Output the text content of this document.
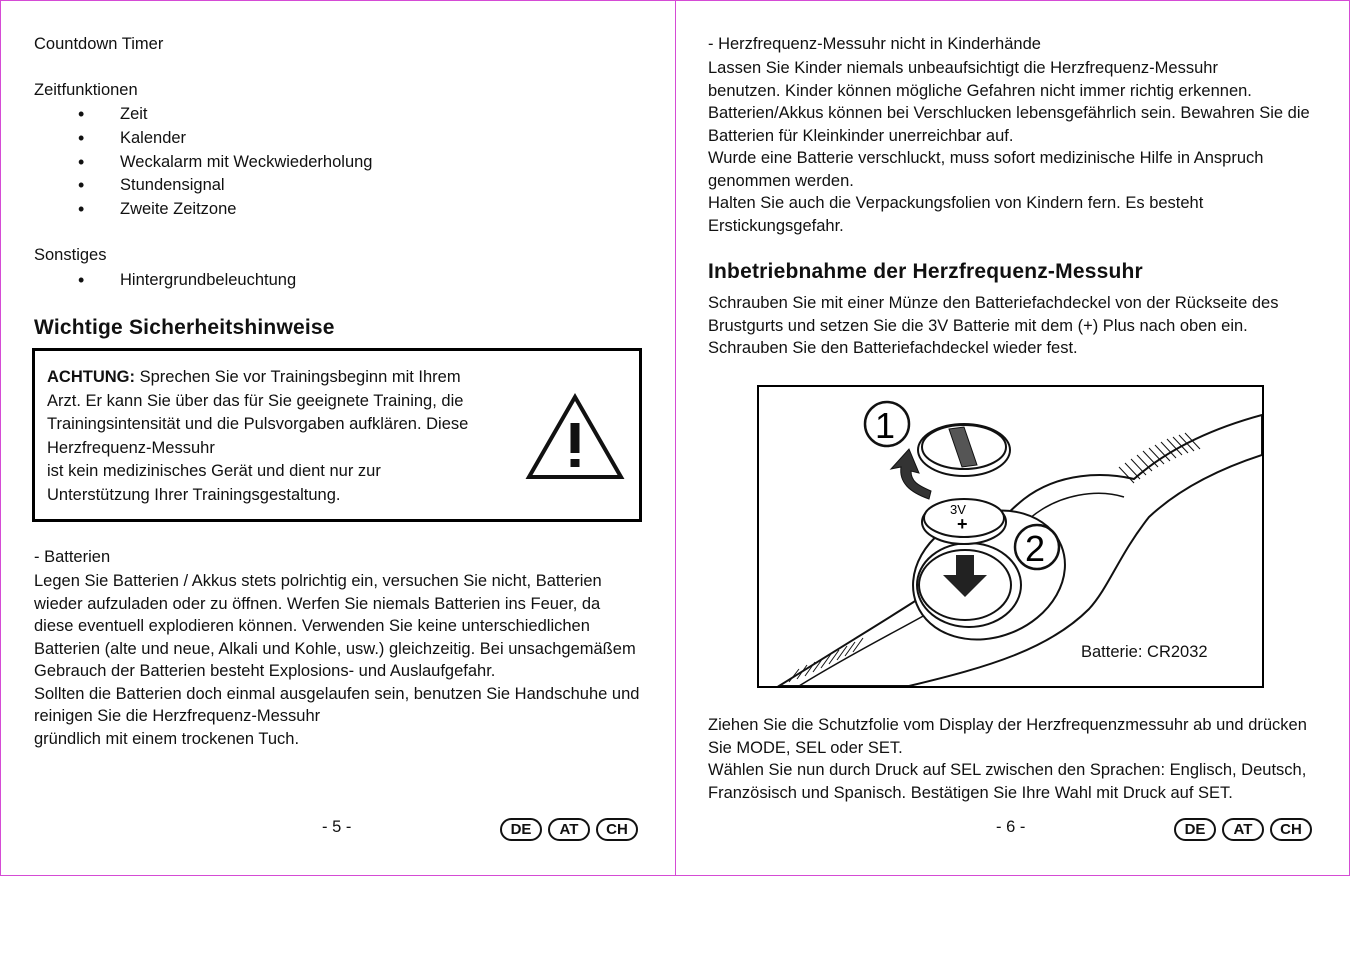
Countdown Timer
Zeitfunktionen
• Zeit
• Kalender
• Weckalarm mit Weckwiederholung
• Stundensignal
• Zweite Zeitzone
Sonstiges
• Hintergrundbeleuchtung
Wichtige Sicherheitshinweise
ACHTUNG: Sprechen Sie vor Trainingsbeginn mit Ihrem
Arzt. Er kann Sie über das für Sie geeignete Training, die
Trainingsintensität und die Pulsvorgaben aufklären. Diese
Herzfrequenz-Messuhr
ist kein medizinisches Gerät und dient nur zur
Unterstützung Ihrer Trainingsgestaltung.
- Batterien
Legen Sie Batterien / Akkus stets polrichtig ein, versuchen Sie nicht, Batterien
wieder aufzuladen oder zu öffnen. Werfen Sie niemals Batterien ins Feuer, da
diese eventuell explodieren können. Verwenden Sie keine unterschiedlichen
Batterien (alte und neue, Alkali und Kohle, usw.) gleichzeitig. Bei unsachgemäßem
Gebrauch der Batterien besteht Explosions- und Auslaufgefahr.
Sollten die Batterien doch einmal ausgelaufen sein, benutzen Sie Handschuhe und
reinigen Sie die Herzfrequenz-Messuhr
gründlich mit einem trockenen Tuch.
- 5 -	DE	AT	CH
- Herzfrequenz-Messuhr nicht in Kinderhände
Lassen Sie Kinder niemals unbeaufsichtigt die Herzfrequenz-Messuhr
benutzen. Kinder können mögliche Gefahren nicht immer richtig erkennen.
Batterien/Akkus können bei Verschlucken lebensgefährlich sein. Bewahren Sie die
Batterien für Kleinkinder unerreichbar auf.
Wurde eine Batterie verschluckt, muss sofort medizinische Hilfe in Anspruch
genommen werden.
Halten Sie auch die Verpackungsfolien von Kindern fern. Es besteht
Erstickungsgefahr.
Inbetriebnahme der Herzfrequenz-Messuhr
Schrauben Sie mit einer Münze den Batteriefachdeckel von der Rückseite des
Brustgurts und setzen Sie die 3V Batterie mit dem (+) Plus nach oben ein.
Schrauben Sie den Batteriefachdeckel wieder fest.
3V
+
1
2
Batterie: CR2032
Ziehen Sie die Schutzfolie vom Display der Herzfrequenzmessuhr ab und drücken
Sie MODE, SEL oder SET.
Wählen Sie nun durch Druck auf SEL zwischen den Sprachen: Englisch, Deutsch,
Französisch und Spanisch. Bestätigen Sie Ihre Wahl mit Druck auf SET.
- 6 -	DE	AT	CH
